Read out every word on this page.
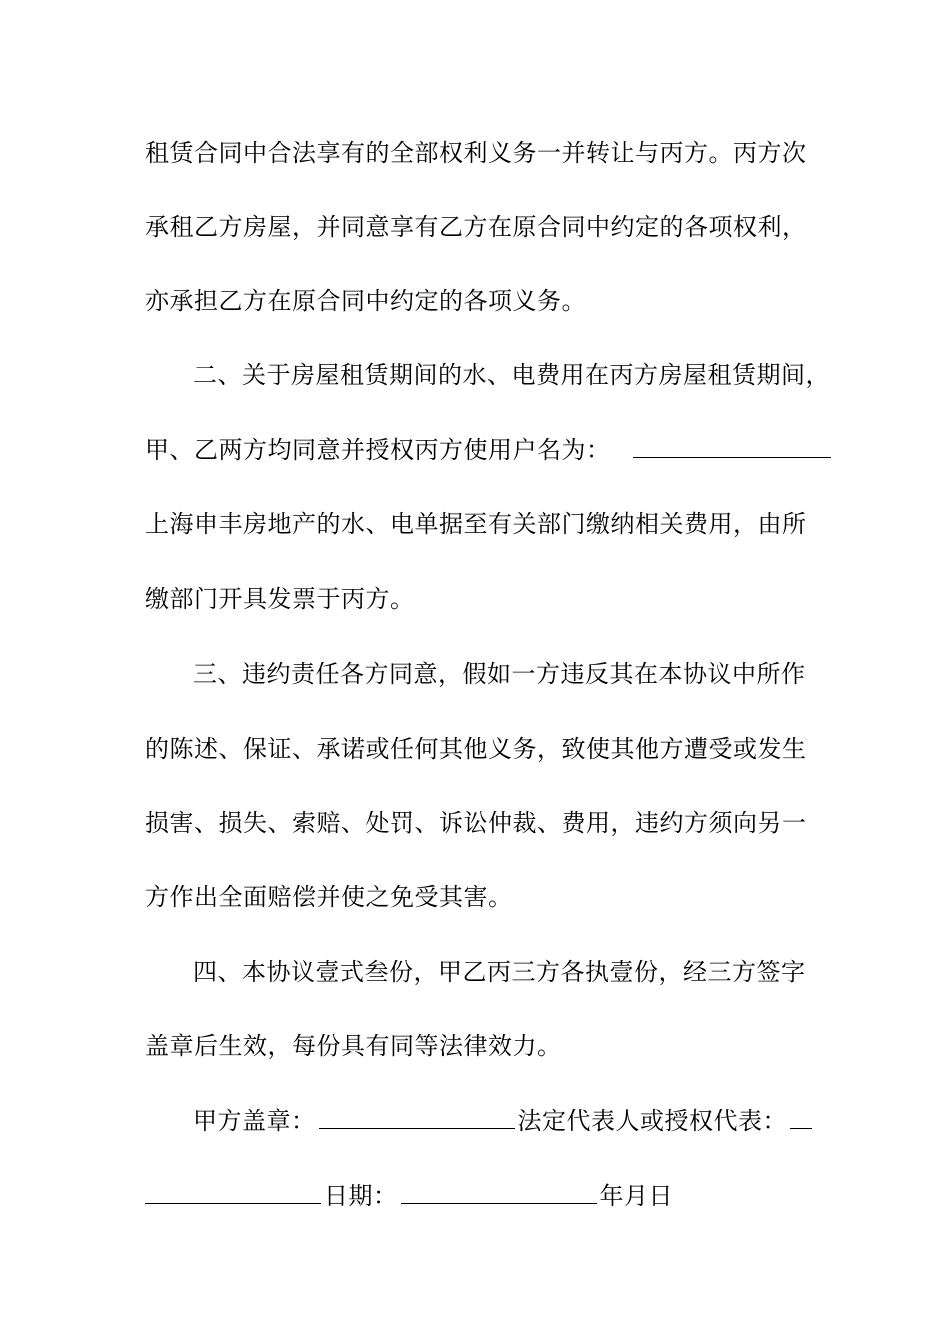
租赁合同中合法享有的全部权利义务一并转让与丙方。丙方次
承租乙方房屋，并同意享有乙方在原合同中约定的各项权利，
亦承担乙方在原合同中约定的各项义务。
二、关于房屋租赁期间的水、电费用在丙方房屋租赁期间，
甲、乙两方均同意并授权丙方使用户名为：
上海申丰房地产的水、电单据至有关部门缴纳相关费用，由所
缴部门开具发票于丙方。
三、违约责任各方同意，假如一方违反其在本协议中所作
的陈述、保证、承诺或任何其他义务，致使其他方遭受或发生
损害、损失、索赔、处罚、诉讼仲裁、费用，违约方须向另一
方作出全面赔偿并使之免受其害。
四、本协议壹式叁份，甲乙丙三方各执壹份，经三方签字
盖章后生效，每份具有同等法律效力。
甲方盖章：	法定代表人或授权代表：
日期：	年月日
